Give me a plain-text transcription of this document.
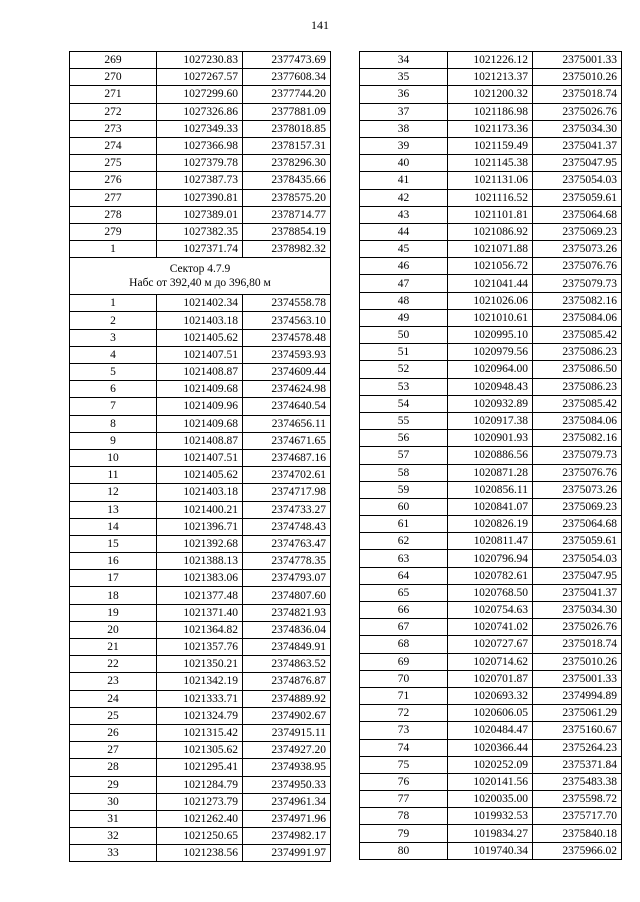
141
269	1027230.83	2377473.69
270	1027267.57	2377608.34
271	1027299.60	2377744.20
272	1027326.86	2377881.09
273	1027349.33	2378018.85
274	1027366.98	2378157.31
275	1027379.78	2378296.30
276	1027387.73	2378435.66
277	1027390.81	2378575.20
278	1027389.01	2378714.77
279	1027382.35	2378854.19
1	1027371.74	2378982.32

Сектор 4.7.9
Набс от 392,40 м до 396,80 м		

1	1021402.34	2374558.78
2	1021403.18	2374563.10
3	1021405.62	2374578.48
4	1021407.51	2374593.93
5	1021408.87	2374609.44
6	1021409.68	2374624.98
7	1021409.96	2374640.54
8	1021409.68	2374656.11
9	1021408.87	2374671.65
10	1021407.51	2374687.16
11	1021405.62	2374702.61
12	1021403.18	2374717.98
13	1021400.21	2374733.27
14	1021396.71	2374748.43
15	1021392.68	2374763.47
16	1021388.13	2374778.35
17	1021383.06	2374793.07
18	1021377.48	2374807.60
19	1021371.40	2374821.93
20	1021364.82	2374836.04
21	1021357.76	2374849.91
22	1021350.21	2374863.52
23	1021342.19	2374876.87
24	1021333.71	2374889.92
25	1021324.79	2374902.67
26	1021315.42	2374915.11
27	1021305.62	2374927.20
28	1021295.41	2374938.95
29	1021284.79	2374950.33
30	1021273.79	2374961.34
31	1021262.40	2374971.96
32	1021250.65	2374982.17
33	1021238.56	2374991.97
34	1021226.12	2375001.33
35	1021213.37	2375010.26
36	1021200.32	2375018.74
37	1021186.98	2375026.76
38	1021173.36	2375034.30
39	1021159.49	2375041.37
40	1021145.38	2375047.95
41	1021131.06	2375054.03
42	1021116.52	2375059.61
43	1021101.81	2375064.68
44	1021086.92	2375069.23
45	1021071.88	2375073.26
46	1021056.72	2375076.76
47	1021041.44	2375079.73
48	1021026.06	2375082.16
49	1021010.61	2375084.06
50	1020995.10	2375085.42
51	1020979.56	2375086.23
52	1020964.00	2375086.50
53	1020948.43	2375086.23
54	1020932.89	2375085.42
55	1020917.38	2375084.06
56	1020901.93	2375082.16
57	1020886.56	2375079.73
58	1020871.28	2375076.76
59	1020856.11	2375073.26
60	1020841.07	2375069.23
61	1020826.19	2375064.68
62	1020811.47	2375059.61
63	1020796.94	2375054.03
64	1020782.61	2375047.95
65	1020768.50	2375041.37
66	1020754.63	2375034.30
67	1020741.02	2375026.76
68	1020727.67	2375018.74
69	1020714.62	2375010.26
70	1020701.87	2375001.33
71	1020693.32	2374994.89
72	1020606.05	2375061.29
73	1020484.47	2375160.67
74	1020366.44	2375264.23
75	1020252.09	2375371.84
76	1020141.56	2375483.38
77	1020035.00	2375598.72
78	1019932.53	2375717.70
79	1019834.27	2375840.18
80	1019740.34	2375966.02
